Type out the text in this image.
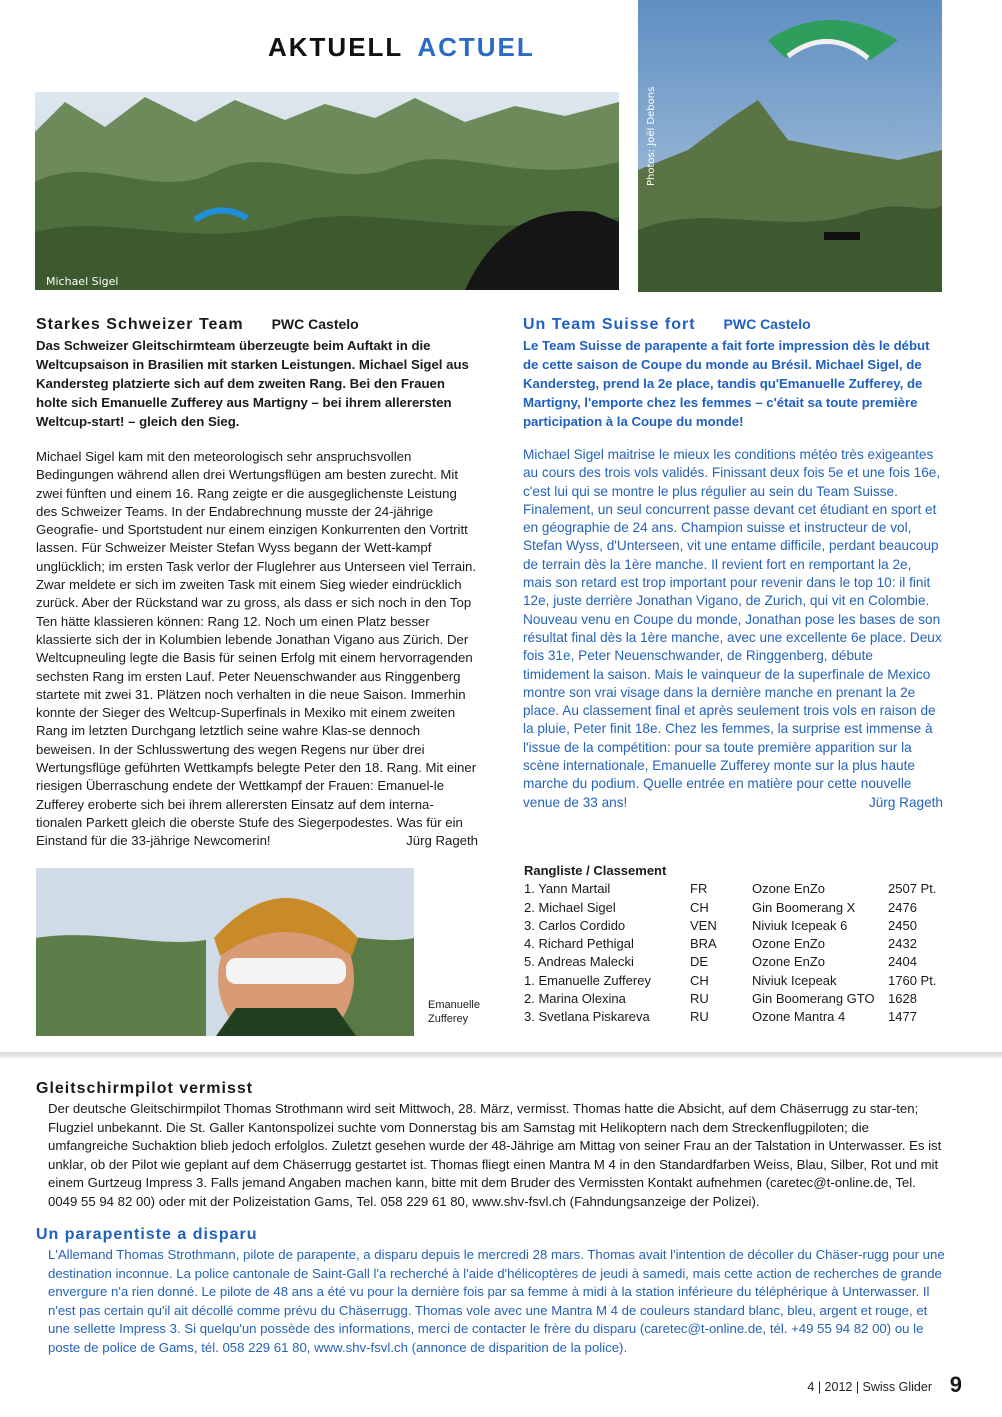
AKTUELL ACTUEL
Michael Sigel
Photos: Joël Debons
Starkes Schweizer Team PWC Castelo

Das Schweizer Gleitschirmteam überzeugte beim Auftakt in die Weltcupsaison in Brasilien mit starken Leistungen. Michael Sigel aus Kandersteg platzierte sich auf dem zweiten Rang. Bei den Frauen holte sich Emanuelle Zufferey aus Martigny – bei ihrem allerersten Weltcup-start! – gleich den Sieg.

Michael Sigel kam mit den meteorologisch sehr anspruchsvollen Bedingungen während allen drei Wertungsflügen am besten zurecht. Mit zwei fünften und einem 16. Rang zeigte er die ausgeglichenste Leistung des Schweizer Teams. In der Endabrechnung musste der 24-jährige Geografie- und Sportstudent nur einem einzigen Konkurrenten den Vortritt lassen. Für Schweizer Meister Stefan Wyss begann der Wett-kampf unglücklich; im ersten Task verlor der Fluglehrer aus Unterseen viel Terrain. Zwar meldete er sich im zweiten Task mit einem Sieg wieder eindrücklich zurück. Aber der Rückstand war zu gross, als dass er sich noch in den Top Ten hätte klassieren können: Rang 12. Noch um einen Platz besser klassierte sich der in Kolumbien lebende Jonathan Vigano aus Zürich. Der Weltcupneuling legte die Basis für seinen Erfolg mit einem hervorragenden sechsten Rang im ersten Lauf. Peter Neuenschwander aus Ringgenberg startete mit zwei 31. Plätzen noch verhalten in die neue Saison. Immerhin konnte der Sieger des Weltcup-Superfinals in Mexiko mit einem zweiten Rang im letzten Durchgang letztlich seine wahre Klas-se dennoch beweisen. In der Schlusswertung des wegen Regens nur über drei Wertungsflüge geführten Wettkampfs belegte Peter den 18. Rang. Mit einer riesigen Überraschung endete der Wettkampf der Frauen: Emanuel-le Zufferey eroberte sich bei ihrem allerersten Einsatz auf dem interna-tionalen Parkett gleich die oberste Stufe des Siegerpodestes. Was für ein Einstand für die 33-jährige Newcomerin!	Jürg Rageth

Un Team Suisse fort PWC Castelo

Le Team Suisse de parapente a fait forte impression dès le début de cette saison de Coupe du monde au Brésil. Michael Sigel, de Kandersteg, prend la 2e place, tandis qu'Emanuelle Zufferey, de Martigny, l'emporte chez les femmes – c'était sa toute première participation à la Coupe du monde!

Michael Sigel maitrise le mieux les conditions météo très exigeantes au cours des trois vols validés. Finissant deux fois 5e et une fois 16e, c'est lui qui se montre le plus régulier au sein du Team Suisse. Finalement, un seul concurrent passe devant cet étudiant en sport et en géographie de 24 ans. Champion suisse et instructeur de vol, Stefan Wyss, d'Unterseen, vit une entame difficile, perdant beaucoup de terrain dès la 1ère manche. Il revient fort en remportant la 2e, mais son retard est trop important pour revenir dans le top 10: il finit 12e, juste derrière Jonathan Vigano, de Zurich, qui vit en Colombie. Nouveau venu en Coupe du monde, Jonathan pose les bases de son résultat final dès la 1ère manche, avec une excellente 6e place. Deux fois 31e, Peter Neuenschwander, de Ringgenberg, débute timidement la saison. Mais le vainqueur de la superfinale de Mexico montre son vrai visage dans la dernière manche en prenant la 2e place. Au classement final et après seulement trois vols en raison de la pluie, Peter finit 18e. Chez les femmes, la surprise est immense à l'issue de la compétition: pour sa toute première apparition sur la scène internationale, Emanuelle Zufferey monte sur la plus haute marche du podium. Quelle entrée en matière pour cette nouvelle venue de 33 ans!	Jürg Rageth

Emanuelle
Zufferey
Rangliste / Classement
1. Yann Martail	FR	Ozone EnZo	2507 Pt.
2. Michael Sigel	CH	Gin Boomerang X	2476
3. Carlos Cordido	VEN	Niviuk Icepeak 6	2450
4. Richard Pethigal	BRA	Ozone EnZo	2432
5. Andreas Malecki	DE	Ozone EnZo	2404
1. Emanuelle Zufferey	CH	Niviuk Icepeak	1760 Pt.
2. Marina Olexina	RU	Gin Boomerang GTO	1628
3. Svetlana Piskareva	RU	Ozone Mantra 4	1477
Gleitschirmpilot vermisst

Der deutsche Gleitschirmpilot Thomas Strothmann wird seit Mittwoch, 28. März, vermisst. Thomas hatte die Absicht, auf dem Chäserrugg zu star-ten; Flugziel unbekannt. Die St. Galler Kantonspolizei suchte vom Donnerstag bis am Samstag mit Helikoptern nach dem Streckenflugpiloten; die umfangreiche Suchaktion blieb jedoch erfolglos. Zuletzt gesehen wurde der 48-Jährige am Mittag von seiner Frau an der Talstation in Unterwasser. Es ist unklar, ob der Pilot wie geplant auf dem Chäserrugg gestartet ist. Thomas fliegt einen Mantra M 4 in den Standardfarben Weiss, Blau, Silber, Rot und mit einem Gurtzeug Impress 3. Falls jemand Angaben machen kann, bitte mit dem Bruder des Vermissten Kontakt aufnehmen (caretec@t-online.de, Tel. 0049 55 94 82 00) oder mit der Polizeistation Gams, Tel. 058 229 61 80, www.shv-fsvl.ch (Fahndungsanzeige der Polizei).

Un parapentiste a disparu

L'Allemand Thomas Strothmann, pilote de parapente, a disparu depuis le mercredi 28 mars. Thomas avait l'intention de décoller du Chäser-rugg pour une destination inconnue. La police cantonale de Saint-Gall l'a recherché à l'aide d'hélicoptères de jeudi à samedi, mais cette action de recherches de grande envergure n'a rien donné. Le pilote de 48 ans a été vu pour la dernière fois par sa femme à midi à la station inférieure du téléphérique à Unterwasser. Il n'est pas certain qu'il ait décollé comme prévu du Chäserrugg. Thomas vole avec une Mantra M 4 de couleurs standard blanc, bleu, argent et rouge, et une sellette Impress 3. Si quelqu'un possède des informations, merci de contacter le frère du disparu (caretec@t-online.de, tél. +49 55 94 82 00) ou le poste de police de Gams, tél. 058 229 61 80, www.shv-fsvl.ch (annonce de disparition de la police).

4 | 2012 | Swiss Glider 9
